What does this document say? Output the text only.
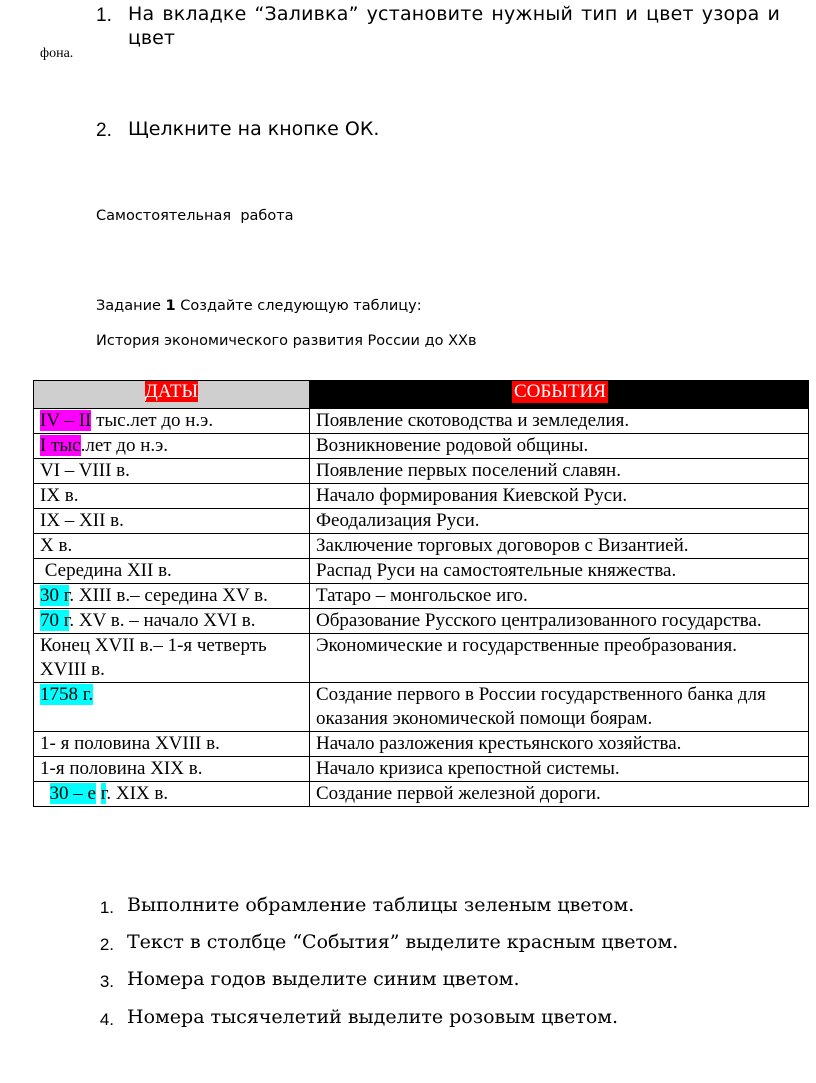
1. На вкладке “Заливка” установите нужный тип и цвет узора и
цвет
фона.
2. Щелкните на кнопке ОК.
Самостоятельная  работа
Задание 1 Создайте следующую таблицу:
История экономического развития России до ХХв
ДАТЫ	СОБЫТИЯ
IV – II тыс.лет до н.э.	Появление скотоводства и земледелия.
I тыс.лет до н.э.	Возникновение родовой общины.
VI – VIII в.	Появление первых поселений славян.
IX в.	Начало формирования Киевской Руси.
IX – XII в.	Феодализация Руси.
X в.	Заключение торговых договоров с Византией.
Середина XII в.	Распад Руси на самостоятельные княжества.
30 г. XIII в.– середина XV в.	Татаро – монгольское иго.
70 г. XV в. – начало XVI в.	Образование Русского централизованного государства.
Конец XVII в.– 1-я четверть XVIII в.	Экономические и государственные преобразования.
1758 г.	Создание первого в России государственного банка для оказания экономической помощи боярам.
1- я половина XVIII в.	Начало разложения крестьянского хозяйства.
1-я половина XIX в.	Начало кризиса крепостной системы.
30 – е г. XIX в.	Создание первой железной дороги.
1. Выполните обрамление таблицы зеленым цветом.
2. Текст в столбце “События” выделите красным цветом.
3. Номера годов выделите синим цветом.
4. Номера тысячелетий выделите розовым цветом.
